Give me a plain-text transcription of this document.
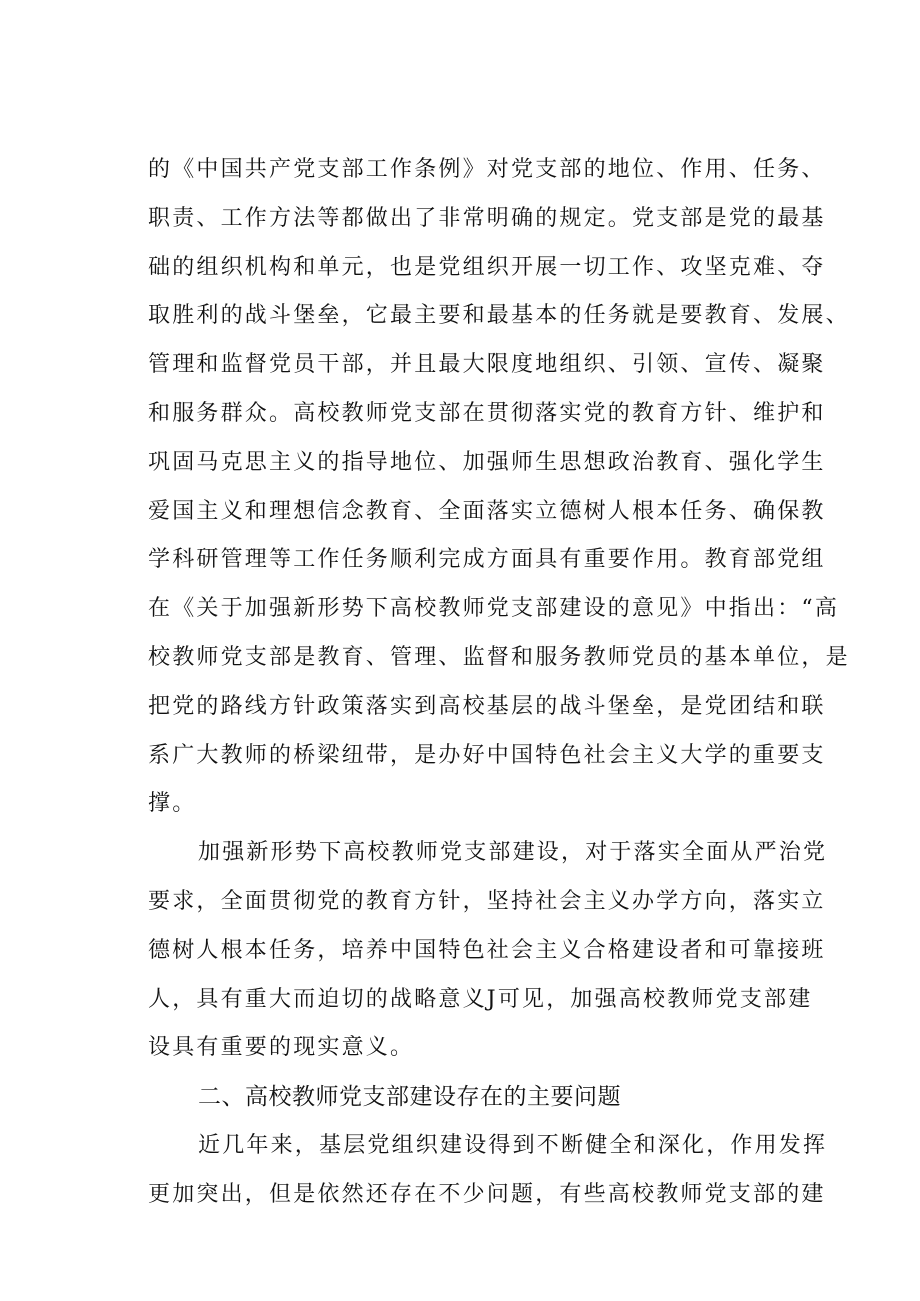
的《中国共产党支部工作条例》对党支部的地位、作用、任务、
职责、工作方法等都做出了非常明确的规定。党支部是党的最基
础的组织机构和单元，也是党组织开展一切工作、攻坚克难、夺
取胜利的战斗堡垒，它最主要和最基本的任务就是要教育、发展、
管理和监督党员干部，并且最大限度地组织、引领、宣传、凝聚
和服务群众。高校教师党支部在贯彻落实党的教育方针、维护和
巩固马克思主义的指导地位、加强师生思想政治教育、强化学生
爱国主义和理想信念教育、全面落实立德树人根本任务、确保教
学科研管理等工作任务顺利完成方面具有重要作用。教育部党组
在《关于加强新形势下高校教师党支部建设的意见》中指出：“高
校教师党支部是教育、管理、监督和服务教师党员的基本单位，是
把党的路线方针政策落实到高校基层的战斗堡垒，是党团结和联
系广大教师的桥梁纽带，是办好中国特色社会主义大学的重要支
撑。
加强新形势下高校教师党支部建设，对于落实全面从严治党
要求，全面贯彻党的教育方针，坚持社会主义办学方向，落实立
德树人根本任务，培养中国特色社会主义合格建设者和可靠接班
人，具有重大而迫切的战略意义J可见，加强高校教师党支部建
设具有重要的现实意义。
二、高校教师党支部建设存在的主要问题
近几年来，基层党组织建设得到不断健全和深化，作用发挥
更加突出，但是依然还存在不少问题，有些高校教师党支部的建
